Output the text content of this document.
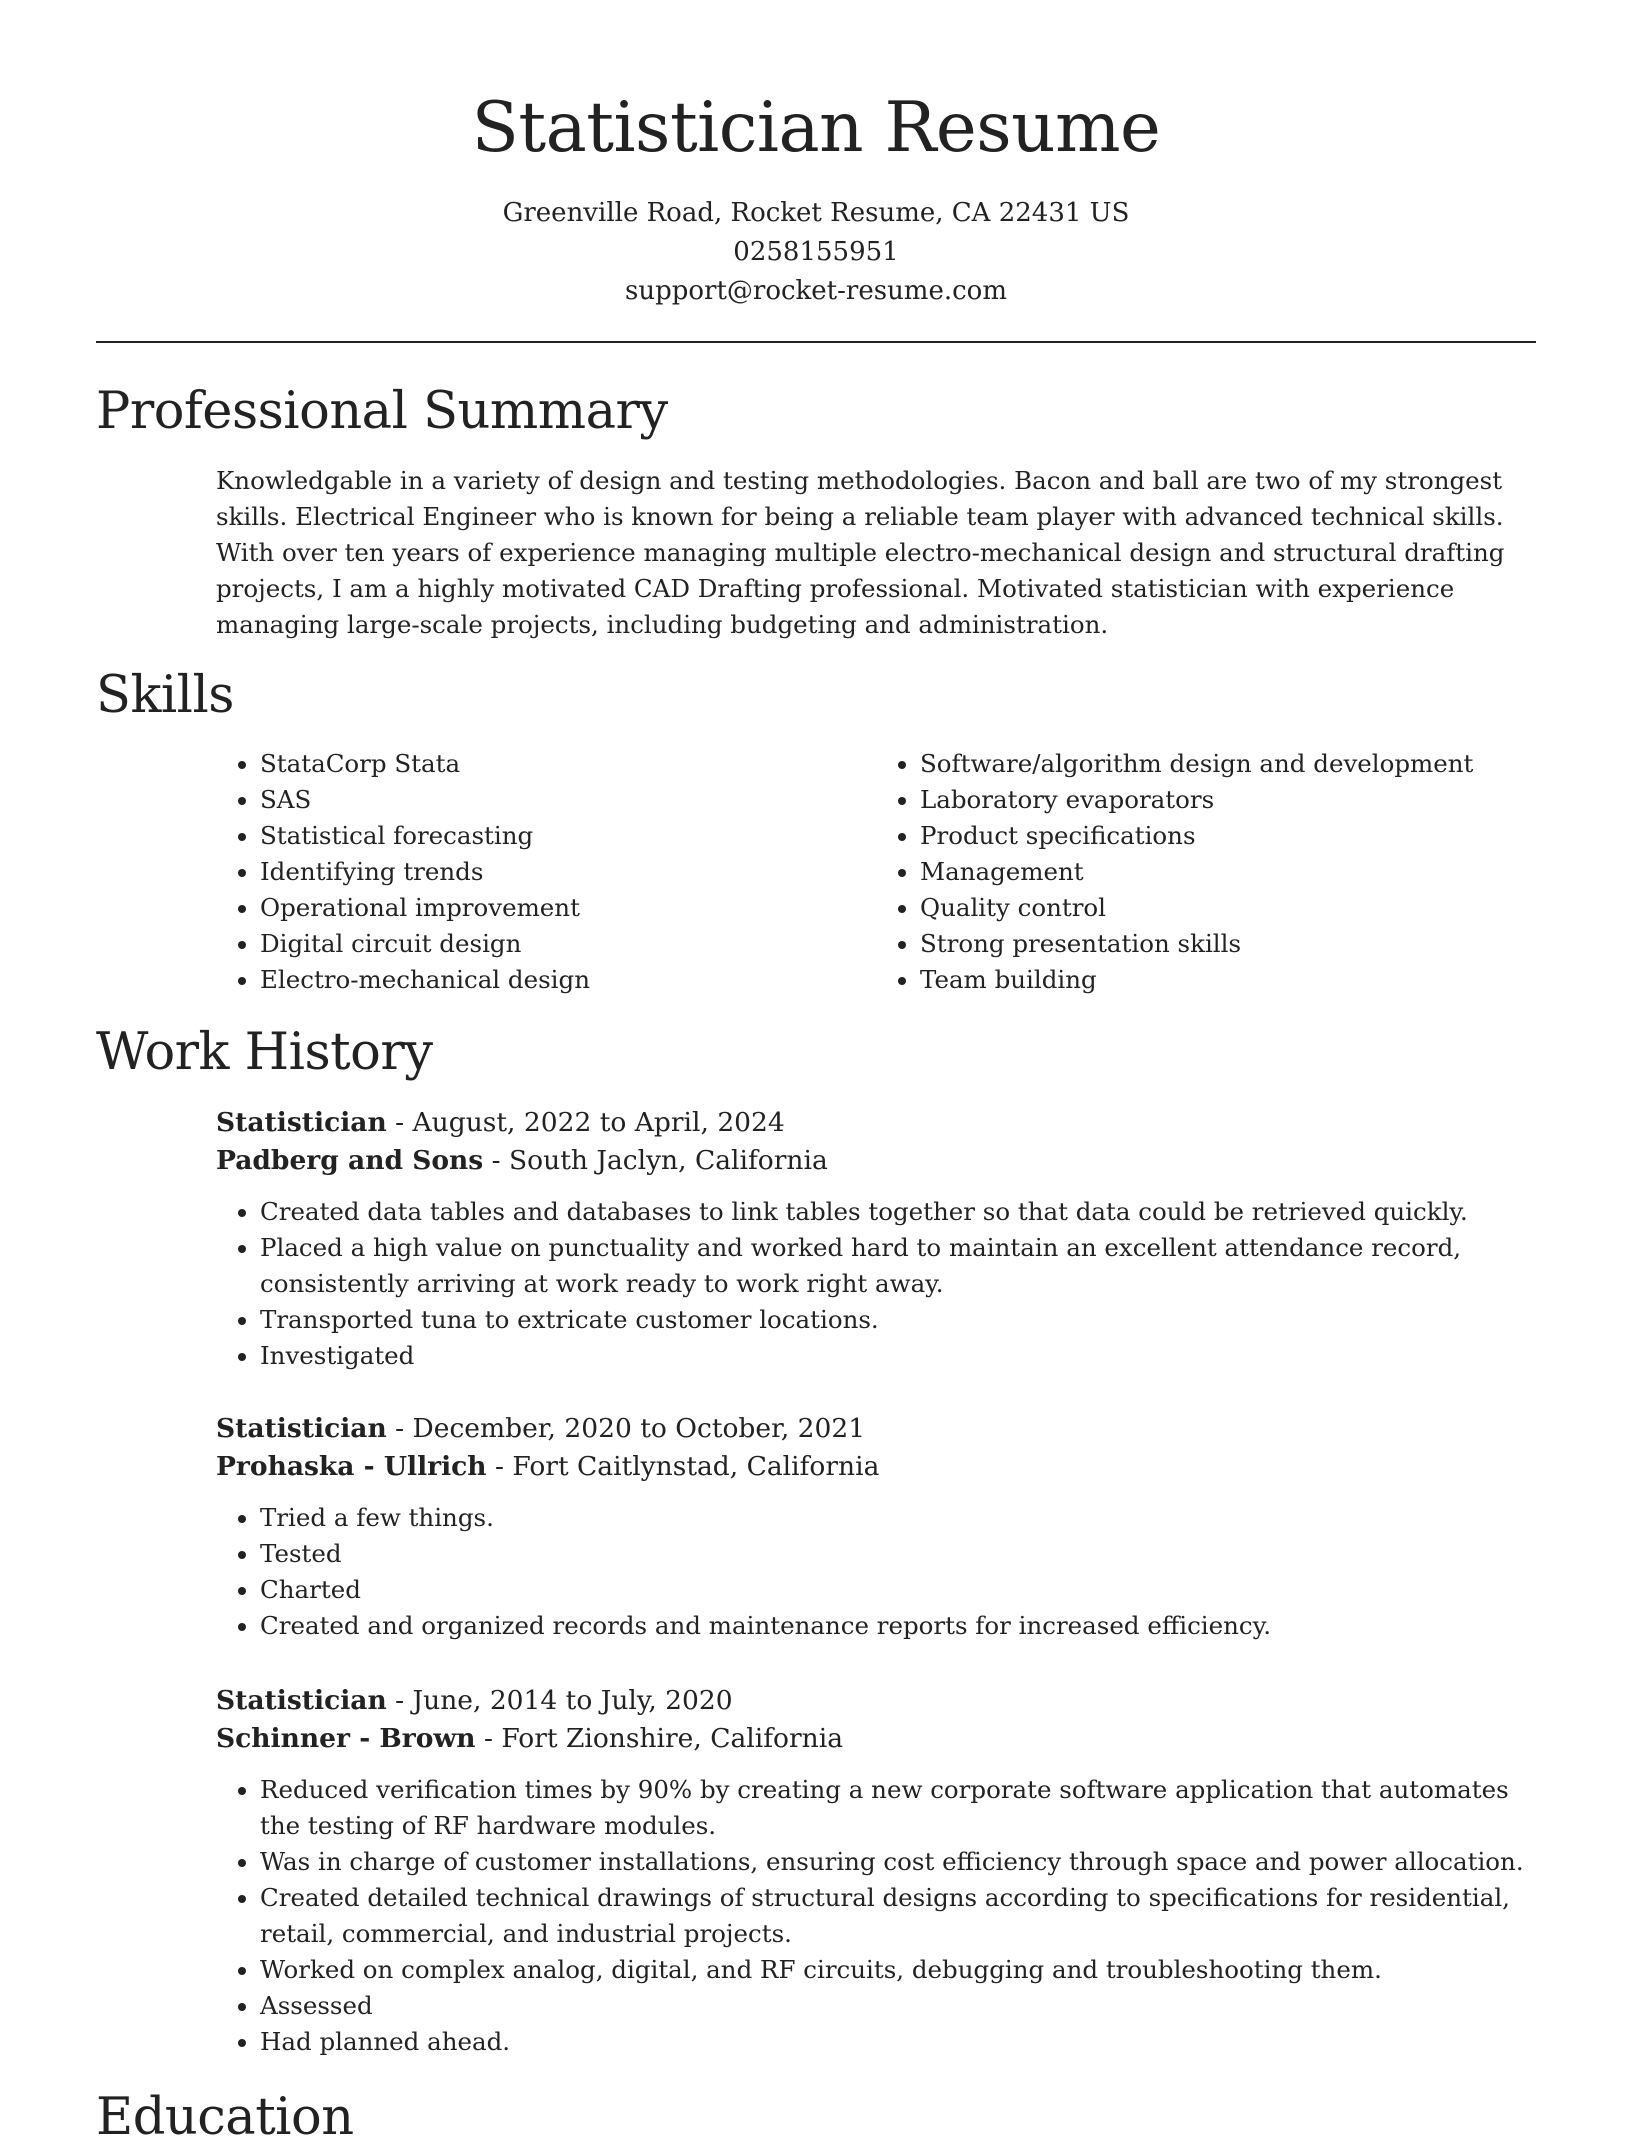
Statistician Resume
Greenville Road, Rocket Resume, CA 22431 US
0258155951
support@rocket-resume.com
Professional Summary

Knowledgable in a variety of design and testing methodologies. Bacon and ball are two of my strongest skills. Electrical Engineer who is known for being a reliable team player with advanced technical skills. With over ten years of experience managing multiple electro-mechanical design and structural drafting projects, I am a highly motivated CAD Drafting professional. Motivated statistician with experience managing large-scale projects, including budgeting and administration.

Skills
• StataCorp Stata
• SAS
• Statistical forecasting
• Identifying trends
• Operational improvement
• Digital circuit design
• Electro-mechanical design
• Software/algorithm design and development
• Laboratory evaporators
• Product specifications
• Management
• Quality control
• Strong presentation skills
• Team building
Work History
Statistician - August, 2022 to April, 2024
Padberg and Sons - South Jaclyn, California
• Created data tables and databases to link tables together so that data could be retrieved quickly.
• Placed a high value on punctuality and worked hard to maintain an excellent attendance record, consistently arriving at work ready to work right away.
• Transported tuna to extricate customer locations.
• Investigated
Statistician - December, 2020 to October, 2021
Prohaska - Ullrich - Fort Caitlynstad, California
• Tried a few things.
• Tested
• Charted
• Created and organized records and maintenance reports for increased efficiency.
Statistician - June, 2014 to July, 2020
Schinner - Brown - Fort Zionshire, California
• Reduced verification times by 90% by creating a new corporate software application that automates the testing of RF hardware modules.
• Was in charge of customer installations, ensuring cost efficiency through space and power allocation.
• Created detailed technical drawings of structural designs according to specifications for residential, retail, commercial, and industrial projects.
• Worked on complex analog, digital, and RF circuits, debugging and troubleshooting them.
• Assessed
• Had planned ahead.
Education
